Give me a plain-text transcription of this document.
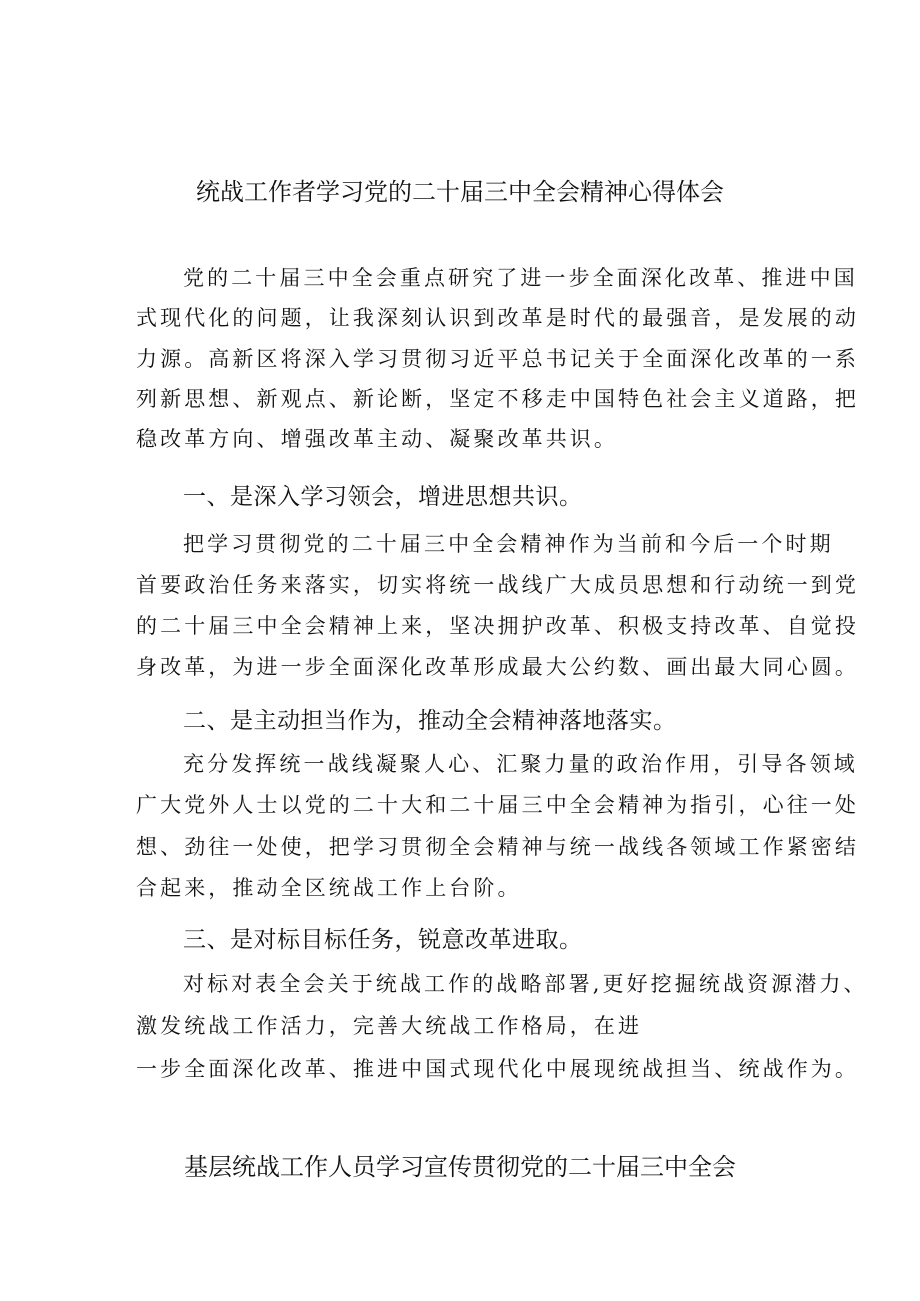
统战工作者学习党的二十届三中全会精神心得体会
党的二十届三中全会重点研究了进一步全面深化改革、推进中国
式现代化的问题，让我深刻认识到改革是时代的最强音，是发展的动
力源。高新区将深入学习贯彻习近平总书记关于全面深化改革的一系
列新思想、新观点、新论断，坚定不移走中国特色社会主义道路，把
稳改革方向、增强改革主动、凝聚改革共识。
一、是深入学习领会，增进思想共识。
把学习贯彻党的二十届三中全会精神作为当前和今后一个时期
首要政治任务来落实，切实将统一战线广大成员思想和行动统一到党
的二十届三中全会精神上来，坚决拥护改革、积极支持改革、自觉投
身改革，为进一步全面深化改革形成最大公约数、画出最大同心圆。
二、是主动担当作为，推动全会精神落地落实。
充分发挥统一战线凝聚人心、汇聚力量的政治作用，引导各领域
广大党外人士以党的二十大和二十届三中全会精神为指引，心往一处
想、劲往一处使，把学习贯彻全会精神与统一战线各领域工作紧密结
合起来，推动全区统战工作上台阶。
三、是对标目标任务，锐意改革进取。
对标对表全会关于统战工作的战略部署,更好挖掘统战资源潜力、
激发统战工作活力，完善大统战工作格局，在进
一步全面深化改革、推进中国式现代化中展现统战担当、统战作为。
基层统战工作人员学习宣传贯彻党的二十届三中全会
